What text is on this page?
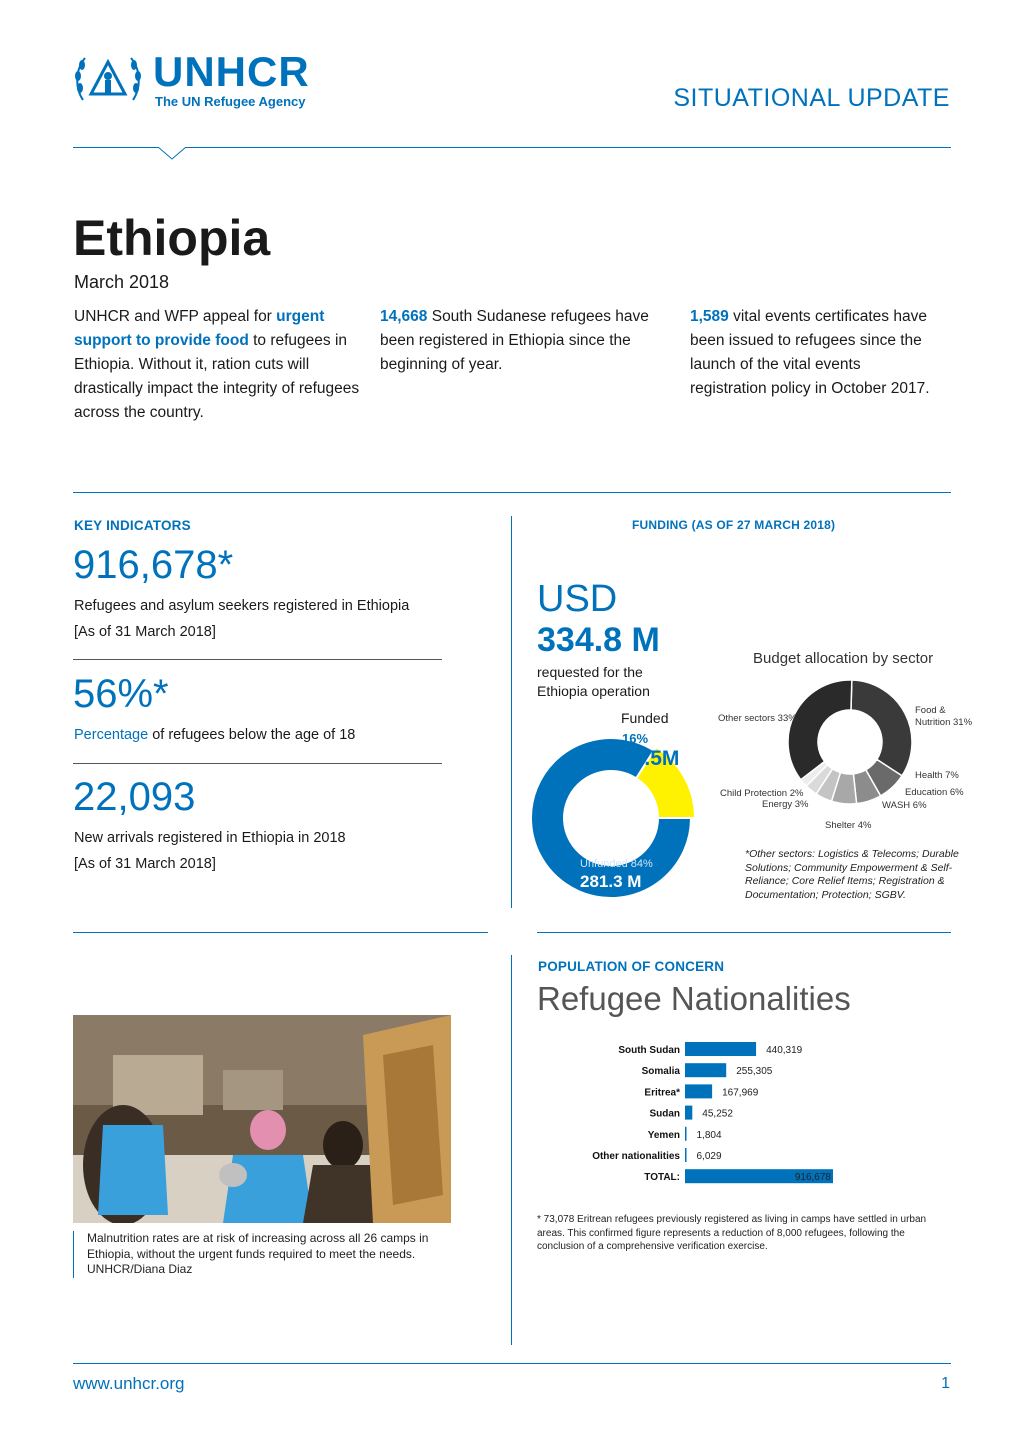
UNHCR
The UN Refugee Agency	SITUATIONAL UPDATE
Ethiopia
March 2018
UNHCR and WFP appeal for urgent support to provide food to refugees in Ethiopia. Without it, ration cuts will drastically impact the integrity of refugees across the country.
14,668 South Sudanese refugees have been registered in Ethiopia since the beginning of year.
1,589 vital events certificates have been issued to refugees since the launch of the vital events registration policy in October 2017.
KEY INDICATORS
916,678*
Refugees and asylum seekers registered in Ethiopia
[As of 31 March 2018]
56%*
Percentage of refugees below the age of 18
22,093
New arrivals registered in Ethiopia in 2018
[As of 31 March 2018]
FUNDING (AS OF 27 MARCH 2018)
USD
334.8 M
requested for the
Ethiopia operation
Funded
16%
53.5M
Unfunded 84%
281.3 M
Budget allocation by sector
Other sectors 33%
Food &
Nutrition 31%
Health 7%
Education 6%
WASH 6%
Shelter 4%
Child Protection 2%
Energy 3%
*Other sectors: Logistics & Telecoms; Durable Solutions; Community Empowerment & Self-Reliance; Core Relief Items; Registration & Documentation; Protection; SGBV.
Malnutrition rates are at risk of increasing across all 26 camps in
Ethiopia, without the urgent funds required to meet the needs.
UNHCR/Diana Diaz
POPULATION OF CONCERN
Refugee Nationalities
South Sudan	440,319
Somalia	255,305
Eritrea*	167,969
Sudan 45,252
Yemen 1,804
Other nationalities 6,029
TOTAL:	916,678
* 73,078 Eritrean refugees previously registered as living in camps have settled in urban areas. This confirmed figure represents a reduction of 8,000 refugees, following the conclusion of a comprehensive verification exercise.
www.unhcr.org	1
